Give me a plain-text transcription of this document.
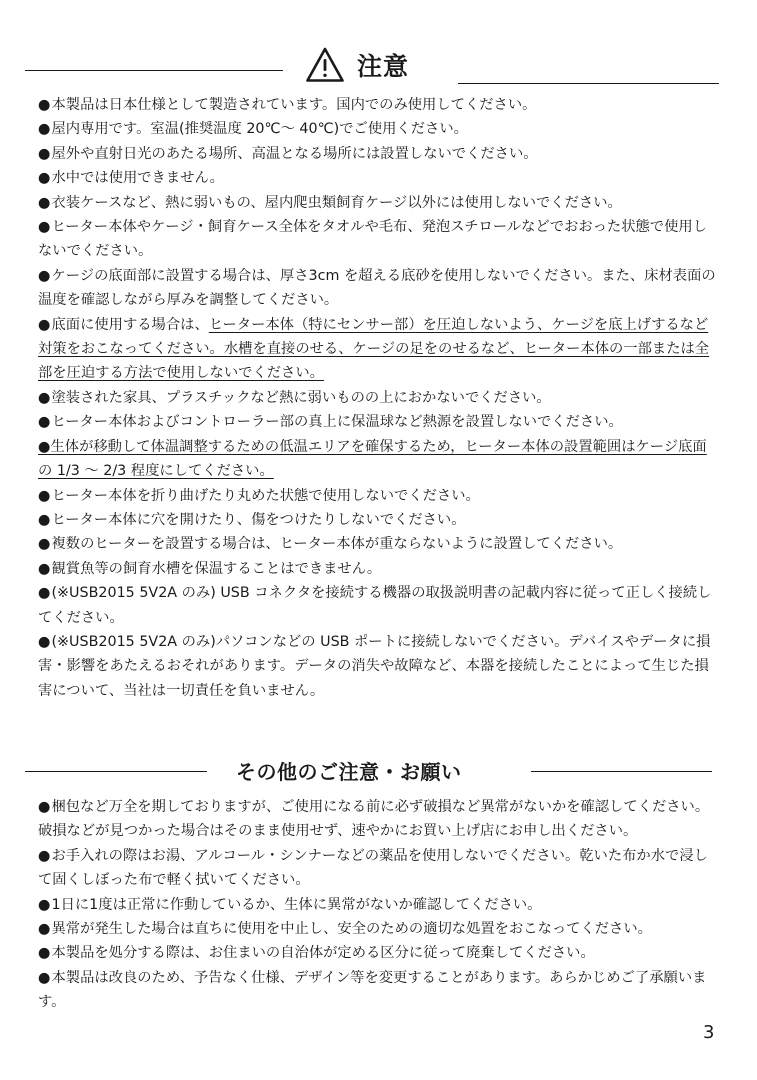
注意
●本製品は日本仕様として製造されています。国内でのみ使用してください。
●屋内専用です。室温(推奨温度 20℃～ 40℃)でご使用ください。
●屋外や直射日光のあたる場所、高温となる場所には設置しないでください。
●水中では使用できません。
●衣装ケースなど、熱に弱いもの、屋内爬虫類飼育ケージ以外には使用しないでください。
●ヒーター本体やケージ・飼育ケース全体をタオルや毛布、発泡スチロールなどでおおった状態で使用しないでください。
●ケージの底面部に設置する場合は、厚さ3cm を超える底砂を使用しないでください。また、床材表面の温度を確認しながら厚みを調整してください。
●底面に使用する場合は、ヒーター本体（特にセンサー部）を圧迫しないよう、ケージを底上げするなど対策をおこなってください。水槽を直接のせる、ケージの足をのせるなど、ヒーター本体の一部または全部を圧迫する方法で使用しないでください。
●塗装された家具、プラスチックなど熱に弱いものの上におかないでください。
●ヒーター本体およびコントローラー部の真上に保温球など熱源を設置しないでください。
●生体が移動して体温調整するための低温エリアを確保するため，ヒーター本体の設置範囲はケージ底面の 1/3 ～ 2/3 程度にしてください。
●ヒーター本体を折り曲げたり丸めた状態で使用しないでください。
●ヒーター本体に穴を開けたり、傷をつけたりしないでください。
●複数のヒーターを設置する場合は、ヒーター本体が重ならないように設置してください。
●観賞魚等の飼育水槽を保温することはできません。
●(※USB2015 5V2A のみ) USB コネクタを接続する機器の取扱説明書の記載内容に従って正しく接続してください。
●(※USB2015 5V2A のみ)パソコンなどの USB ポートに接続しないでください。デバイスやデータに損害・影響をあたえるおそれがあります。データの消失や故障など、本器を接続したことによって生じた損害について、当社は一切責任を負いません。
その他のご注意・お願い
●梱包など万全を期しておりますが、ご使用になる前に必ず破損など異常がないかを確認してください。破損などが見つかった場合はそのまま使用せず、速やかにお買い上げ店にお申し出ください。
●お手入れの際はお湯、アルコール・シンナーなどの薬品を使用しないでください。乾いた布か水で浸して固くしぼった布で軽く拭いてください。
●1日に1度は正常に作動しているか、生体に異常がないか確認してください。
●異常が発生した場合は直ちに使用を中止し、安全のための適切な処置をおこなってください。
●本製品を処分する際は、お住まいの自治体が定める区分に従って廃棄してください。
●本製品は改良のため、予告なく仕様、デザイン等を変更することがあります。あらかじめご了承願います。
3
